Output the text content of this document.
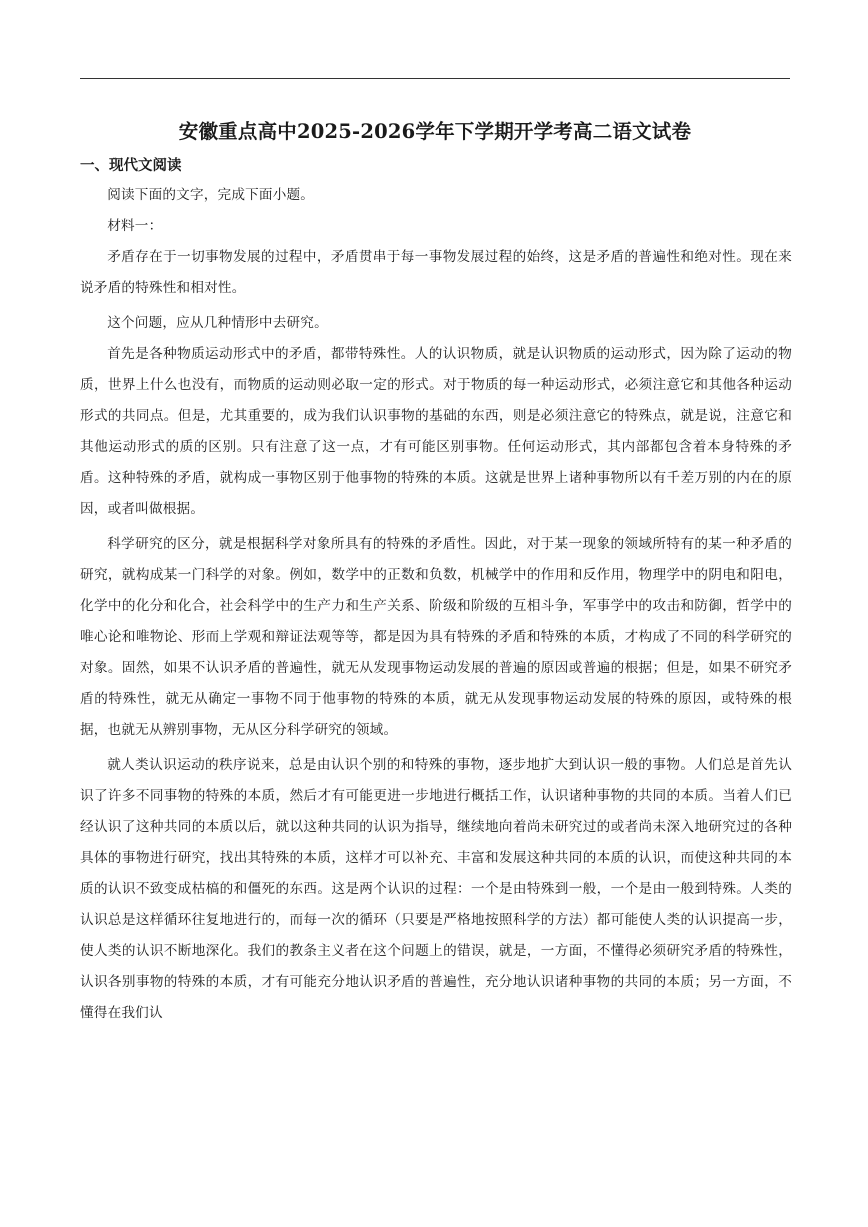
安徽重点高中2025-2026学年下学期开学考高二语文试卷
一、现代文阅读

阅读下面的文字，完成下面小题。

材料一：

矛盾存在于一切事物发展的过程中，矛盾贯串于每一事物发展过程的始终，这是矛盾的普遍性和绝对性。现在来说矛盾的特殊性和相对性。

这个问题，应从几种情形中去研究。

首先是各种物质运动形式中的矛盾，都带特殊性。人的认识物质，就是认识物质的运动形式，因为除了运动的物质，世界上什么也没有，而物质的运动则必取一定的形式。对于物质的每一种运动形式，必须注意它和其他各种运动形式的共同点。但是，尤其重要的，成为我们认识事物的基础的东西，则是必须注意它的特殊点，就是说，注意它和其他运动形式的质的区别。只有注意了这一点，才有可能区别事物。任何运动形式，其内部都包含着本身特殊的矛盾。这种特殊的矛盾，就构成一事物区别于他事物的特殊的本质。这就是世界上诸种事物所以有千差万别的内在的原因，或者叫做根据。

科学研究的区分，就是根据科学对象所具有的特殊的矛盾性。因此，对于某一现象的领域所特有的某一种矛盾的研究，就构成某一门科学的对象。例如，数学中的正数和负数，机械学中的作用和反作用，物理学中的阴电和阳电，化学中的化分和化合，社会科学中的生产力和生产关系、阶级和阶级的互相斗争，军事学中的攻击和防御，哲学中的唯心论和唯物论、形而上学观和辩证法观等等，都是因为具有特殊的矛盾和特殊的本质，才构成了不同的科学研究的对象。固然，如果不认识矛盾的普遍性，就无从发现事物运动发展的普遍的原因或普遍的根据；但是，如果不研究矛盾的特殊性，就无从确定一事物不同于他事物的特殊的本质，就无从发现事物运动发展的特殊的原因，或特殊的根据，也就无从辨别事物，无从区分科学研究的领域。

就人类认识运动的秩序说来，总是由认识个别的和特殊的事物，逐步地扩大到认识一般的事物。人们总是首先认识了许多不同事物的特殊的本质，然后才有可能更进一步地进行概括工作，认识诸种事物的共同的本质。当着人们已经认识了这种共同的本质以后，就以这种共同的认识为指导，继续地向着尚未研究过的或者尚未深入地研究过的各种具体的事物进行研究，找出其特殊的本质，这样才可以补充、丰富和发展这种共同的本质的认识，而使这种共同的本质的认识不致变成枯槁的和僵死的东西。这是两个认识的过程：一个是由特殊到一般，一个是由一般到特殊。人类的认识总是这样循环往复地进行的，而每一次的循环（只要是严格地按照科学的方法）都可能使人类的认识提高一步，使人类的认识不断地深化。我们的教条主义者在这个问题上的错误，就是，一方面，不懂得必须研究矛盾的特殊性，认识各别事物的特殊的本质，才有可能充分地认识矛盾的普遍性，充分地认识诸种事物的共同的本质；另一方面，不懂得在我们认
